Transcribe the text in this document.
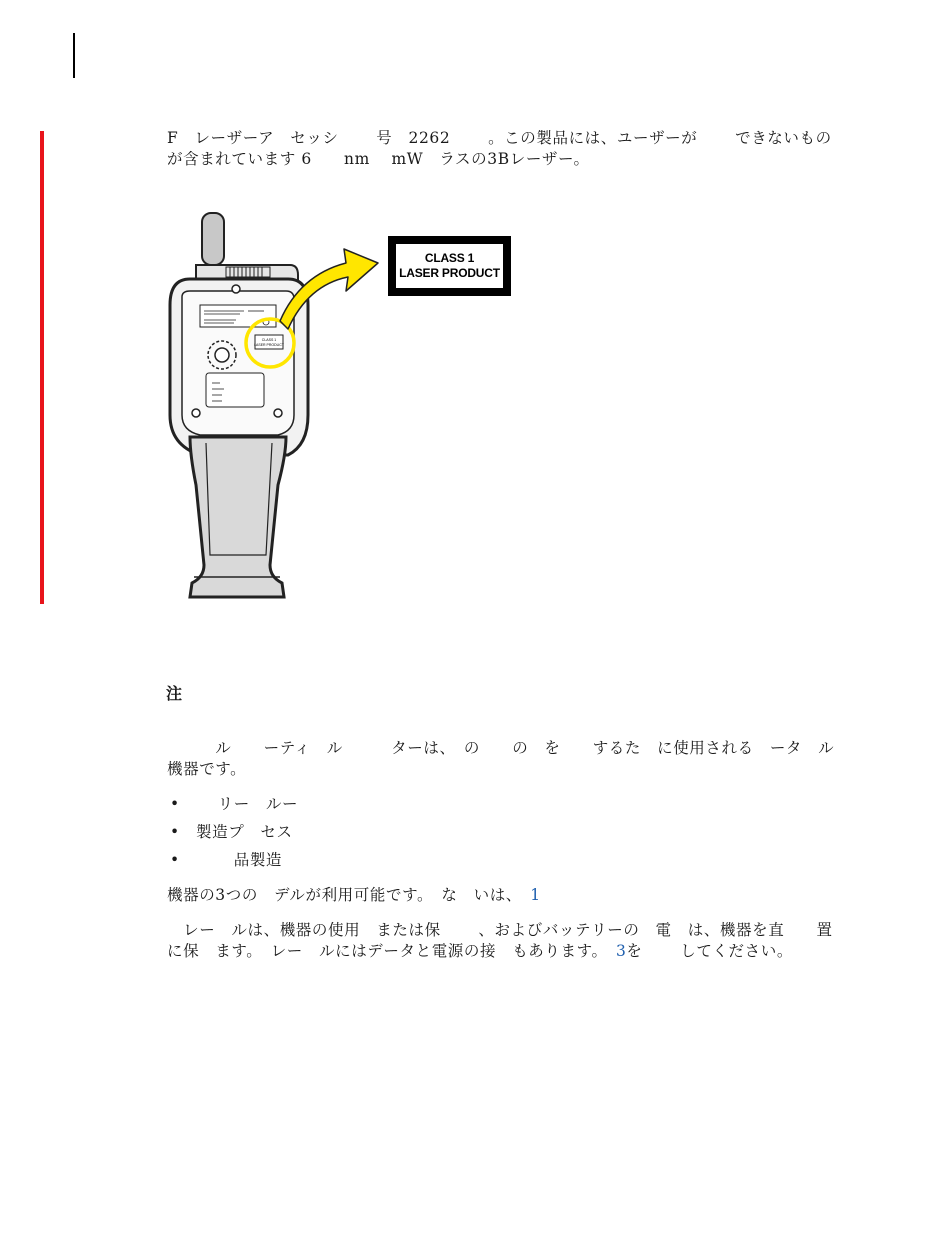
F　レーザーア　セッシ　　 号　2262　　 。この製品には、ユーザーが　　 できないものが含まれています 6　　nm　 mW　ラスの3Bレーザー。

CLASS 1
LASER PRODUCT
CLASS 1
LASER PRODUCT
注

　　　ル　　ーティ　ル　　　ターは、　の　　の　を　　するた　に使用される　ータ　ル機器です。

• 　 リー　ルー
• 製造プ　セス
• 　　 品製造

機器の3つの　デルが利用可能です。　な　いは、　 1

　レー　ルは、機器の使用　または保　　 、およびバッテリーの　電　は、機器を直　　置に保　ます。　レー　ルにはデータと電源の接　もあります。　 3を　　 してください。
